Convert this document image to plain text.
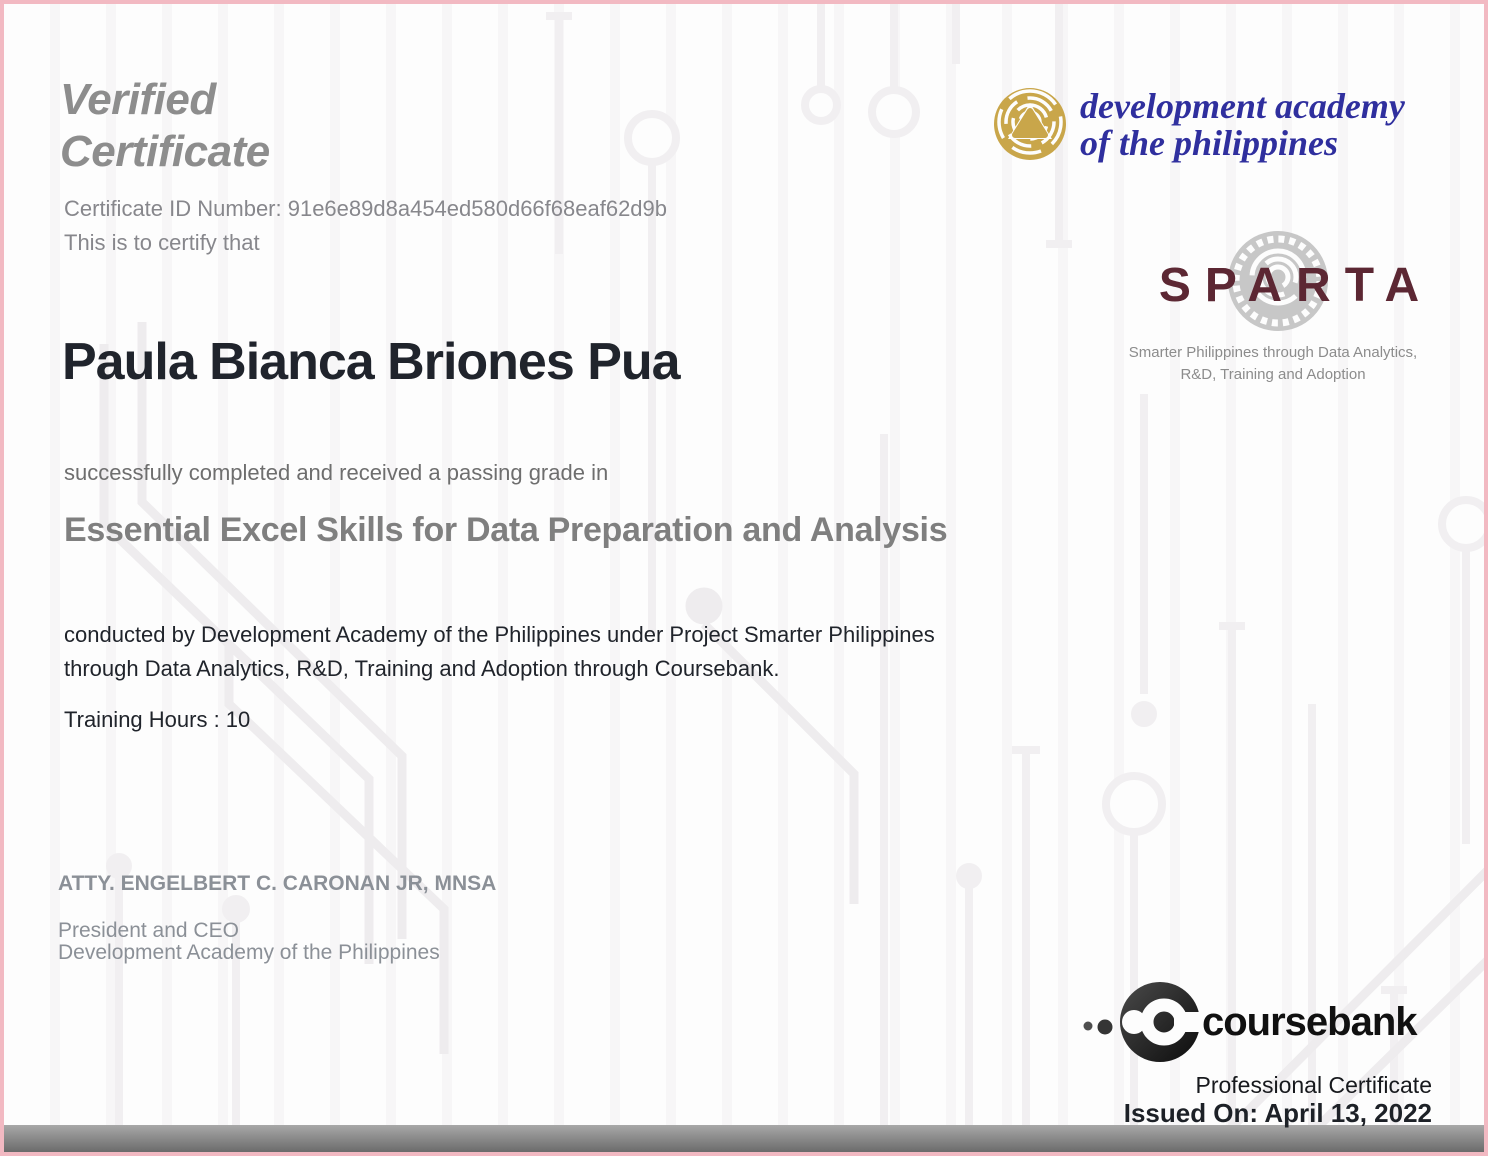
Verified Certificate

Certificate ID Number: 91e6e89d8a454ed580d66f68eaf62d9b

This is to certify that

Paula Bianca Briones Pua

successfully completed and received a passing grade in

Essential Excel Skills for Data Preparation and Analysis

conducted by Development Academy of the Philippines under Project Smarter Philippines through Data Analytics, R&D, Training and Adoption through Coursebank.

Training Hours : 10

ATTY. ENGELBERT C. CARONAN JR, MNSA

President and CEO

Development Academy of the Philippines

development academy
of the philippines

SPARTA

Smarter Philippines through Data Analytics,
R&D, Training and Adoption

coursebank

Professional Certificate

Issued On: April 13, 2022
